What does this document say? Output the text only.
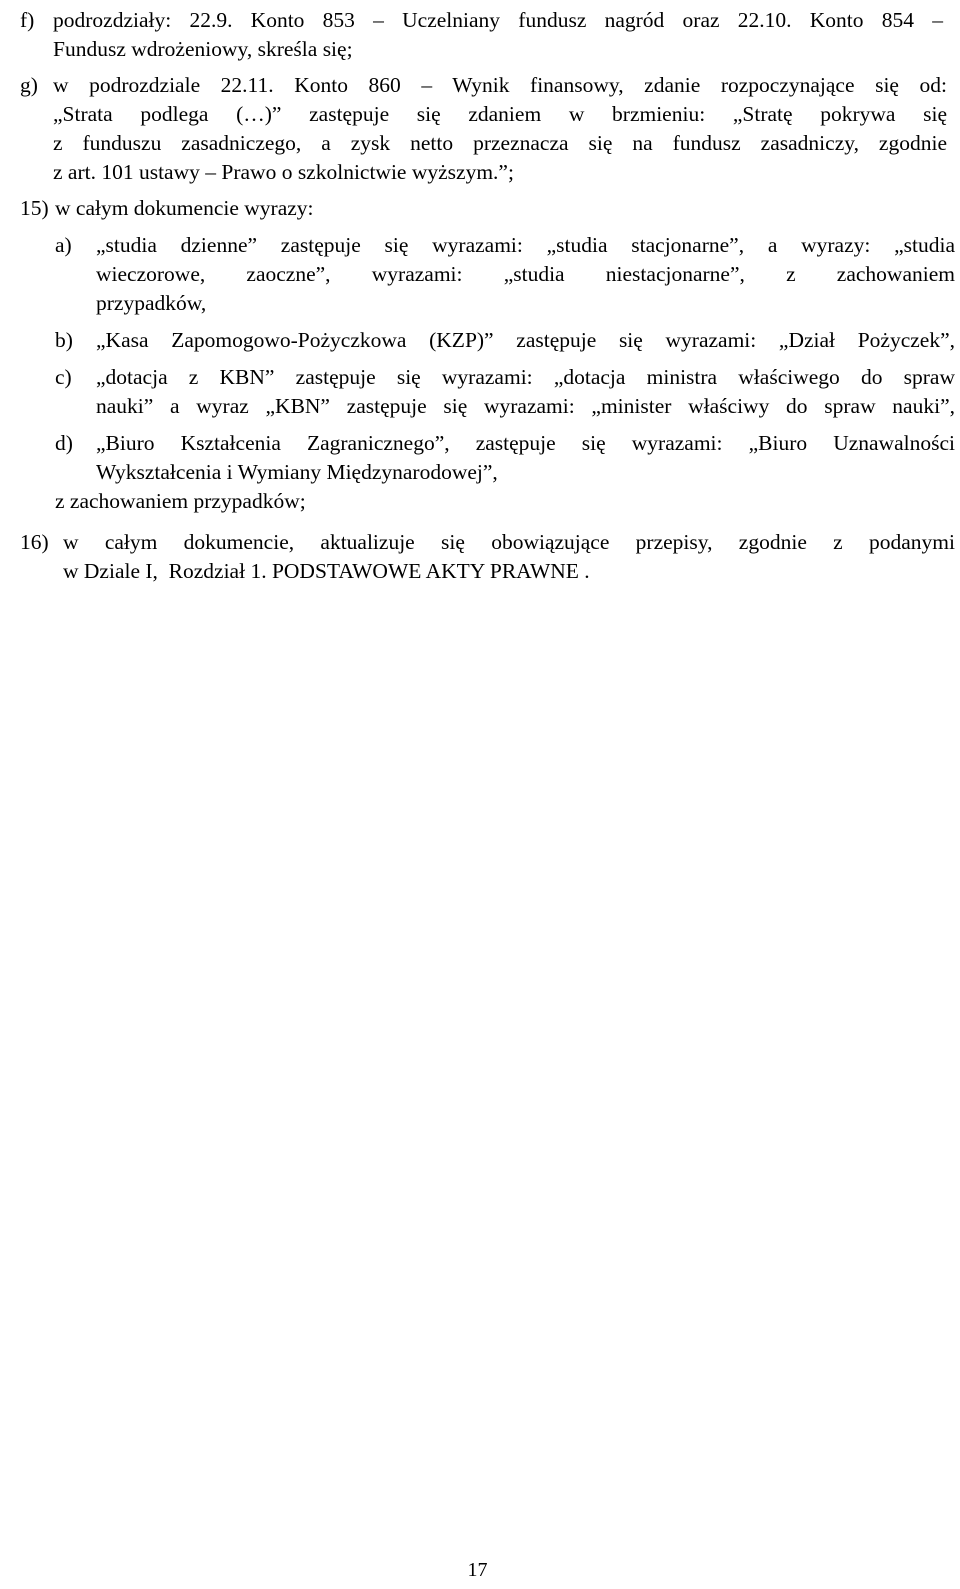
f) podrozdziały: 22.9. Konto 853 – Uczelniany fundusz nagród oraz 22.10. Konto 854 –
Fundusz wdrożeniowy, skreśla się;
g) w podrozdziale 22.11. Konto 860 – Wynik finansowy, zdanie rozpoczynające się od:
„Strata podlega (…)” zastępuje się zdaniem w brzmieniu: „Stratę pokrywa się
z funduszu zasadniczego, a zysk netto przeznacza się na fundusz zasadniczy, zgodnie
z art. 101 ustawy – Prawo o szkolnictwie wyższym.”;
15) w całym dokumencie wyrazy:
a)	„studia dzienne” zastępuje się wyrazami: „studia stacjonarne”, a wyrazy: „studia
wieczorowe, zaoczne”, wyrazami: „studia niestacjonarne”, z zachowaniem
przypadków,
b)	„Kasa Zapomogowo-Pożyczkowa (KZP)” zastępuje się wyrazami: „Dział Pożyczek”,
c)	„dotacja z KBN” zastępuje się wyrazami: „dotacja ministra właściwego do spraw
nauki” a wyraz „KBN” zastępuje się wyrazami: „minister właściwy do spraw nauki”,
d)	„Biuro Kształcenia Zagranicznego”, zastępuje się wyrazami: „Biuro Uznawalności
Wykształcenia i Wymiany Międzynarodowej”,
z zachowaniem przypadków;
16) w całym dokumencie, aktualizuje się obowiązujące przepisy, zgodnie z podanymi
w Dziale I,  Rozdział 1. PODSTAWOWE AKTY PRAWNE .
17
